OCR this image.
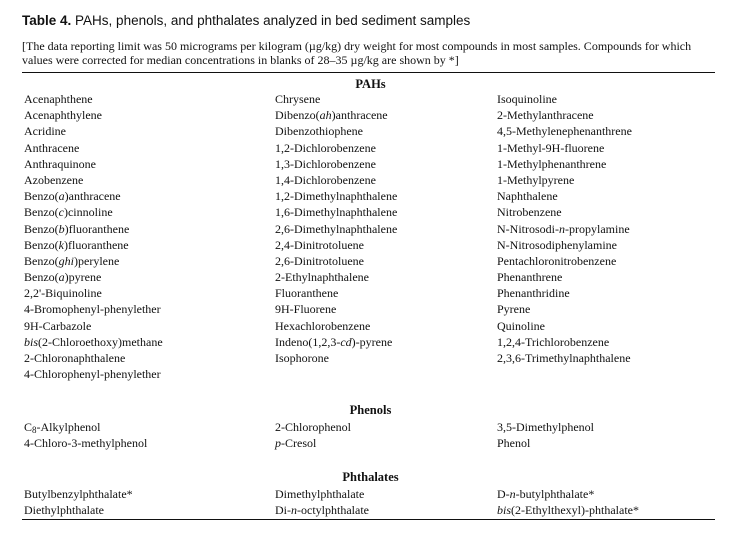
Table 4. PAHs, phenols, and phthalates analyzed in bed sediment samples
[The data reporting limit was 50 micrograms per kilogram (µg/kg) dry weight for most compounds in most samples. Compounds for which
values were corrected for median concentrations in blanks of 28–35 µg/kg are shown by *]
PAHs
Acenaphthene
Acenaphthylene
Acridine
Anthracene
Anthraquinone
Azobenzene
Benzo(a)anthracene
Benzo(c)cinnoline
Benzo(b)fluoranthene
Benzo(k)fluoranthene
Benzo(ghi)perylene
Benzo(a)pyrene
2,2'-Biquinoline
4-Bromophenyl-phenylether
9H-Carbazole
bis(2-Chloroethoxy)methane
2-Chloronaphthalene
4-Chlorophenyl-phenylether
Chrysene
Dibenzo(ah)anthracene
Dibenzothiophene
1,2-Dichlorobenzene
1,3-Dichlorobenzene
1,4-Dichlorobenzene
1,2-Dimethylnaphthalene
1,6-Dimethylnaphthalene
2,6-Dimethylnaphthalene
2,4-Dinitrotoluene
2,6-Dinitrotoluene
2-Ethylnaphthalene
Fluoranthene
9H-Fluorene
Hexachlorobenzene
Indeno(1,2,3-cd)-pyrene
Isophorone
Isoquinoline
2-Methylanthracene
4,5-Methylenephenanthrene
1-Methyl-9H-fluorene
1-Methylphenanthrene
1-Methylpyrene
Naphthalene
Nitrobenzene
N-Nitrosodi-n-propylamine
N-Nitrosodiphenylamine
Pentachloronitrobenzene
Phenanthrene
Phenanthridine
Pyrene
Quinoline
1,2,4-Trichlorobenzene
2,3,6-Trimethylnaphthalene
Phenols
$C_8$-Alkylphenol
4-Chloro-3-methylphenol
2-Chlorophenol
p-Cresol
3,5-Dimethylphenol
Phenol
Phthalates
Butylbenzylphthalate*
Diethylphthalate
Dimethylphthalate
Di-n-octylphthalate
D-n-butylphthalate*
bis(2-Ethylthexyl)-phthalate*
